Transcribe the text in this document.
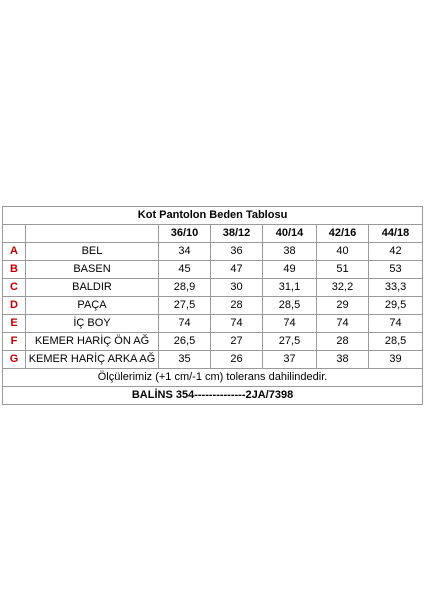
Kot Pantolon Beden Tablosu						
		36/10	38/12	40/14	42/16	44/18
A	BEL	34	36	38	40	42
B	BASEN	45	47	49	51	53
C	BALDIR	28,9	30	31,1	32,2	33,3
D	PAÇA	27,5	28	28,5	29	29,5
E	İÇ BOY	74	74	74	74	74
F	KEMER HARİÇ ÖN AĞ	26,5	27	27,5	28	28,5
G	KEMER HARİÇ ARKA AĞ	35	26	37	38	39
Ölçülerimiz (+1 cm/-1 cm) tolerans dahilindedir.						
BALİNS 354--------------2JA/7398						
